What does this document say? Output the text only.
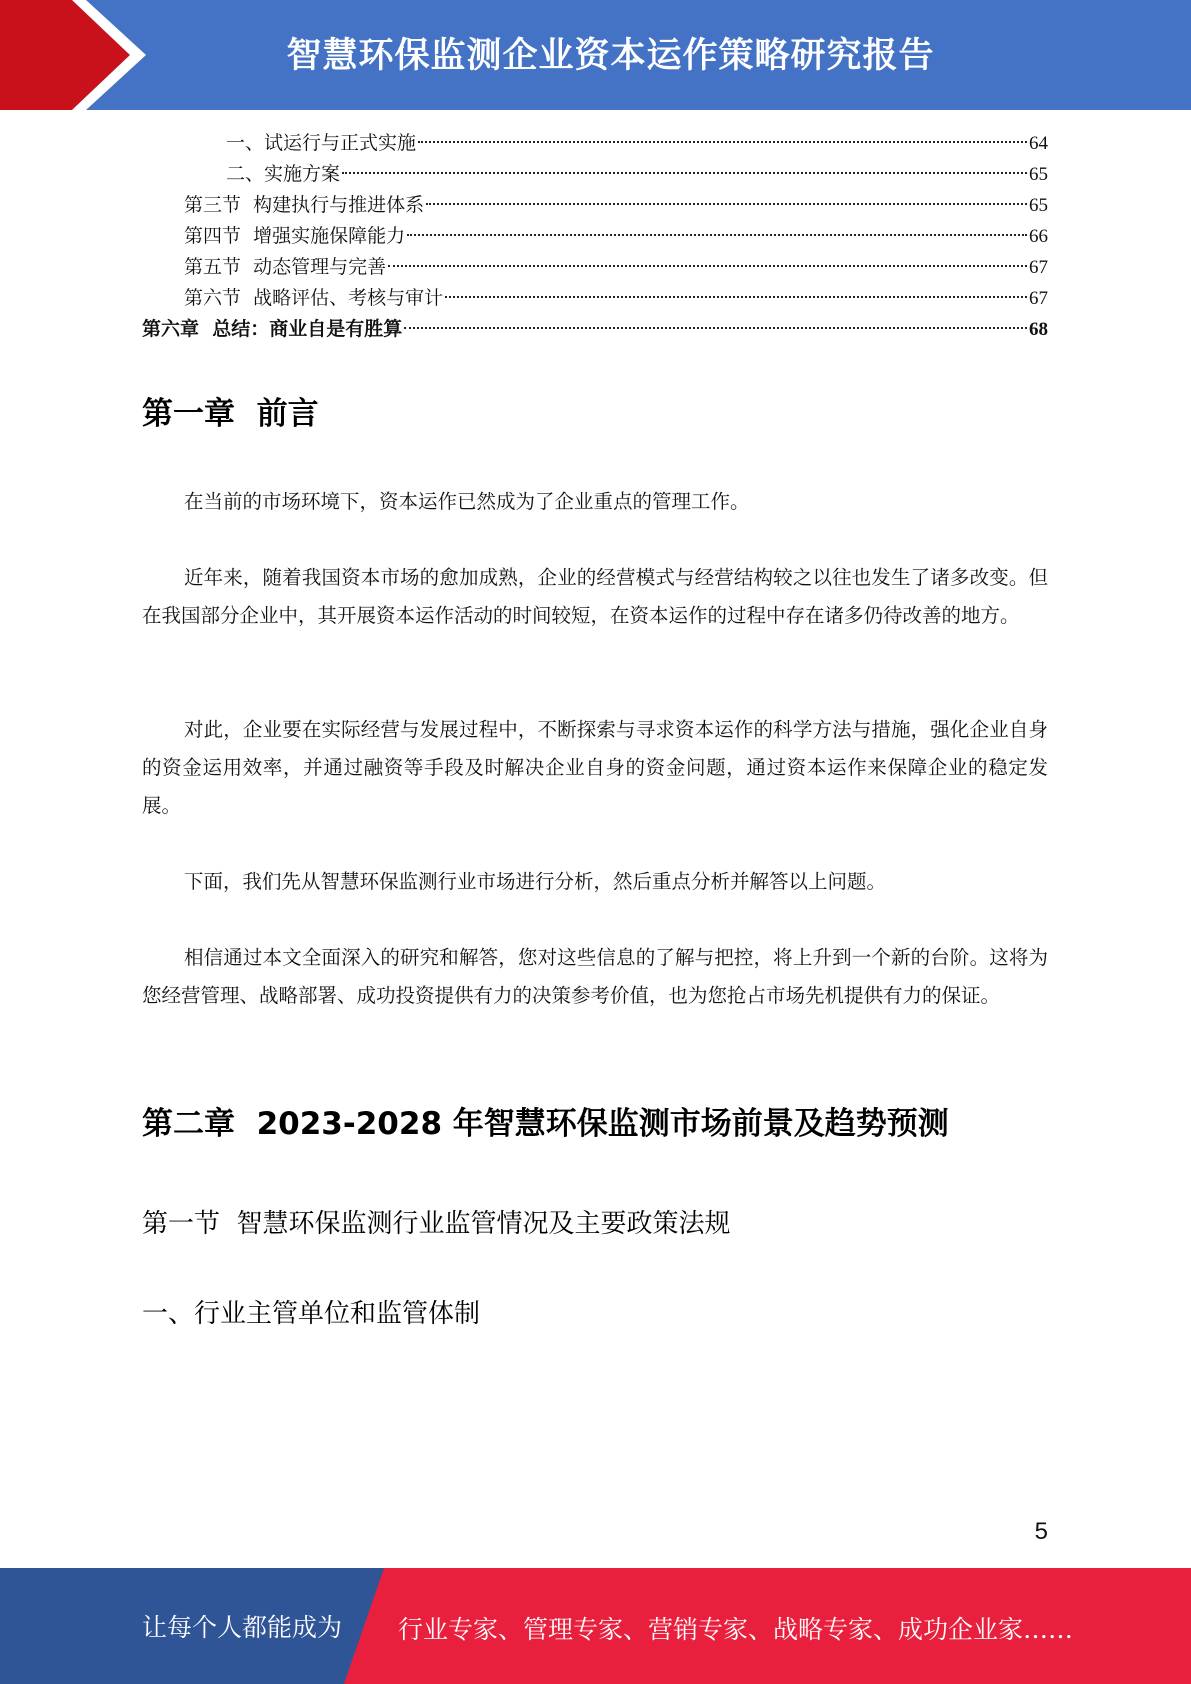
智慧环保监测企业资本运作策略研究报告
一、试运行与正式实施	64
二、实施方案	65
第三节  构建执行与推进体系	65
第四节  增强实施保障能力	66
第五节  动态管理与完善	67
第六节  战略评估、考核与审计	67
第六章  总结：商业自是有胜算	68
第一章  前言

在当前的市场环境下，资本运作已然成为了企业重点的管理工作。

近年来，随着我国资本市场的愈加成熟，企业的经营模式与经营结构较之以往也发生了诸多改变。但在我国部分企业中，其开展资本运作活动的时间较短，在资本运作的过程中存在诸多仍待改善的地方。

对此，企业要在实际经营与发展过程中，不断探索与寻求资本运作的科学方法与措施，强化企业自身的资金运用效率，并通过融资等手段及时解决企业自身的资金问题，通过资本运作来保障企业的稳定发展。

下面，我们先从智慧环保监测行业市场进行分析，然后重点分析并解答以上问题。

相信通过本文全面深入的研究和解答，您对这些信息的了解与把控，将上升到一个新的台阶。这将为您经营管理、战略部署、成功投资提供有力的决策参考价值，也为您抢占市场先机提供有力的保证。

第二章  2023-2028 年智慧环保监测市场前景及趋势预测
第一节  智慧环保监测行业监管情况及主要政策法规
一、行业主管单位和监管体制
5
让每个人都能成为 行业专家、管理专家、营销专家、战略专家、成功企业家……
